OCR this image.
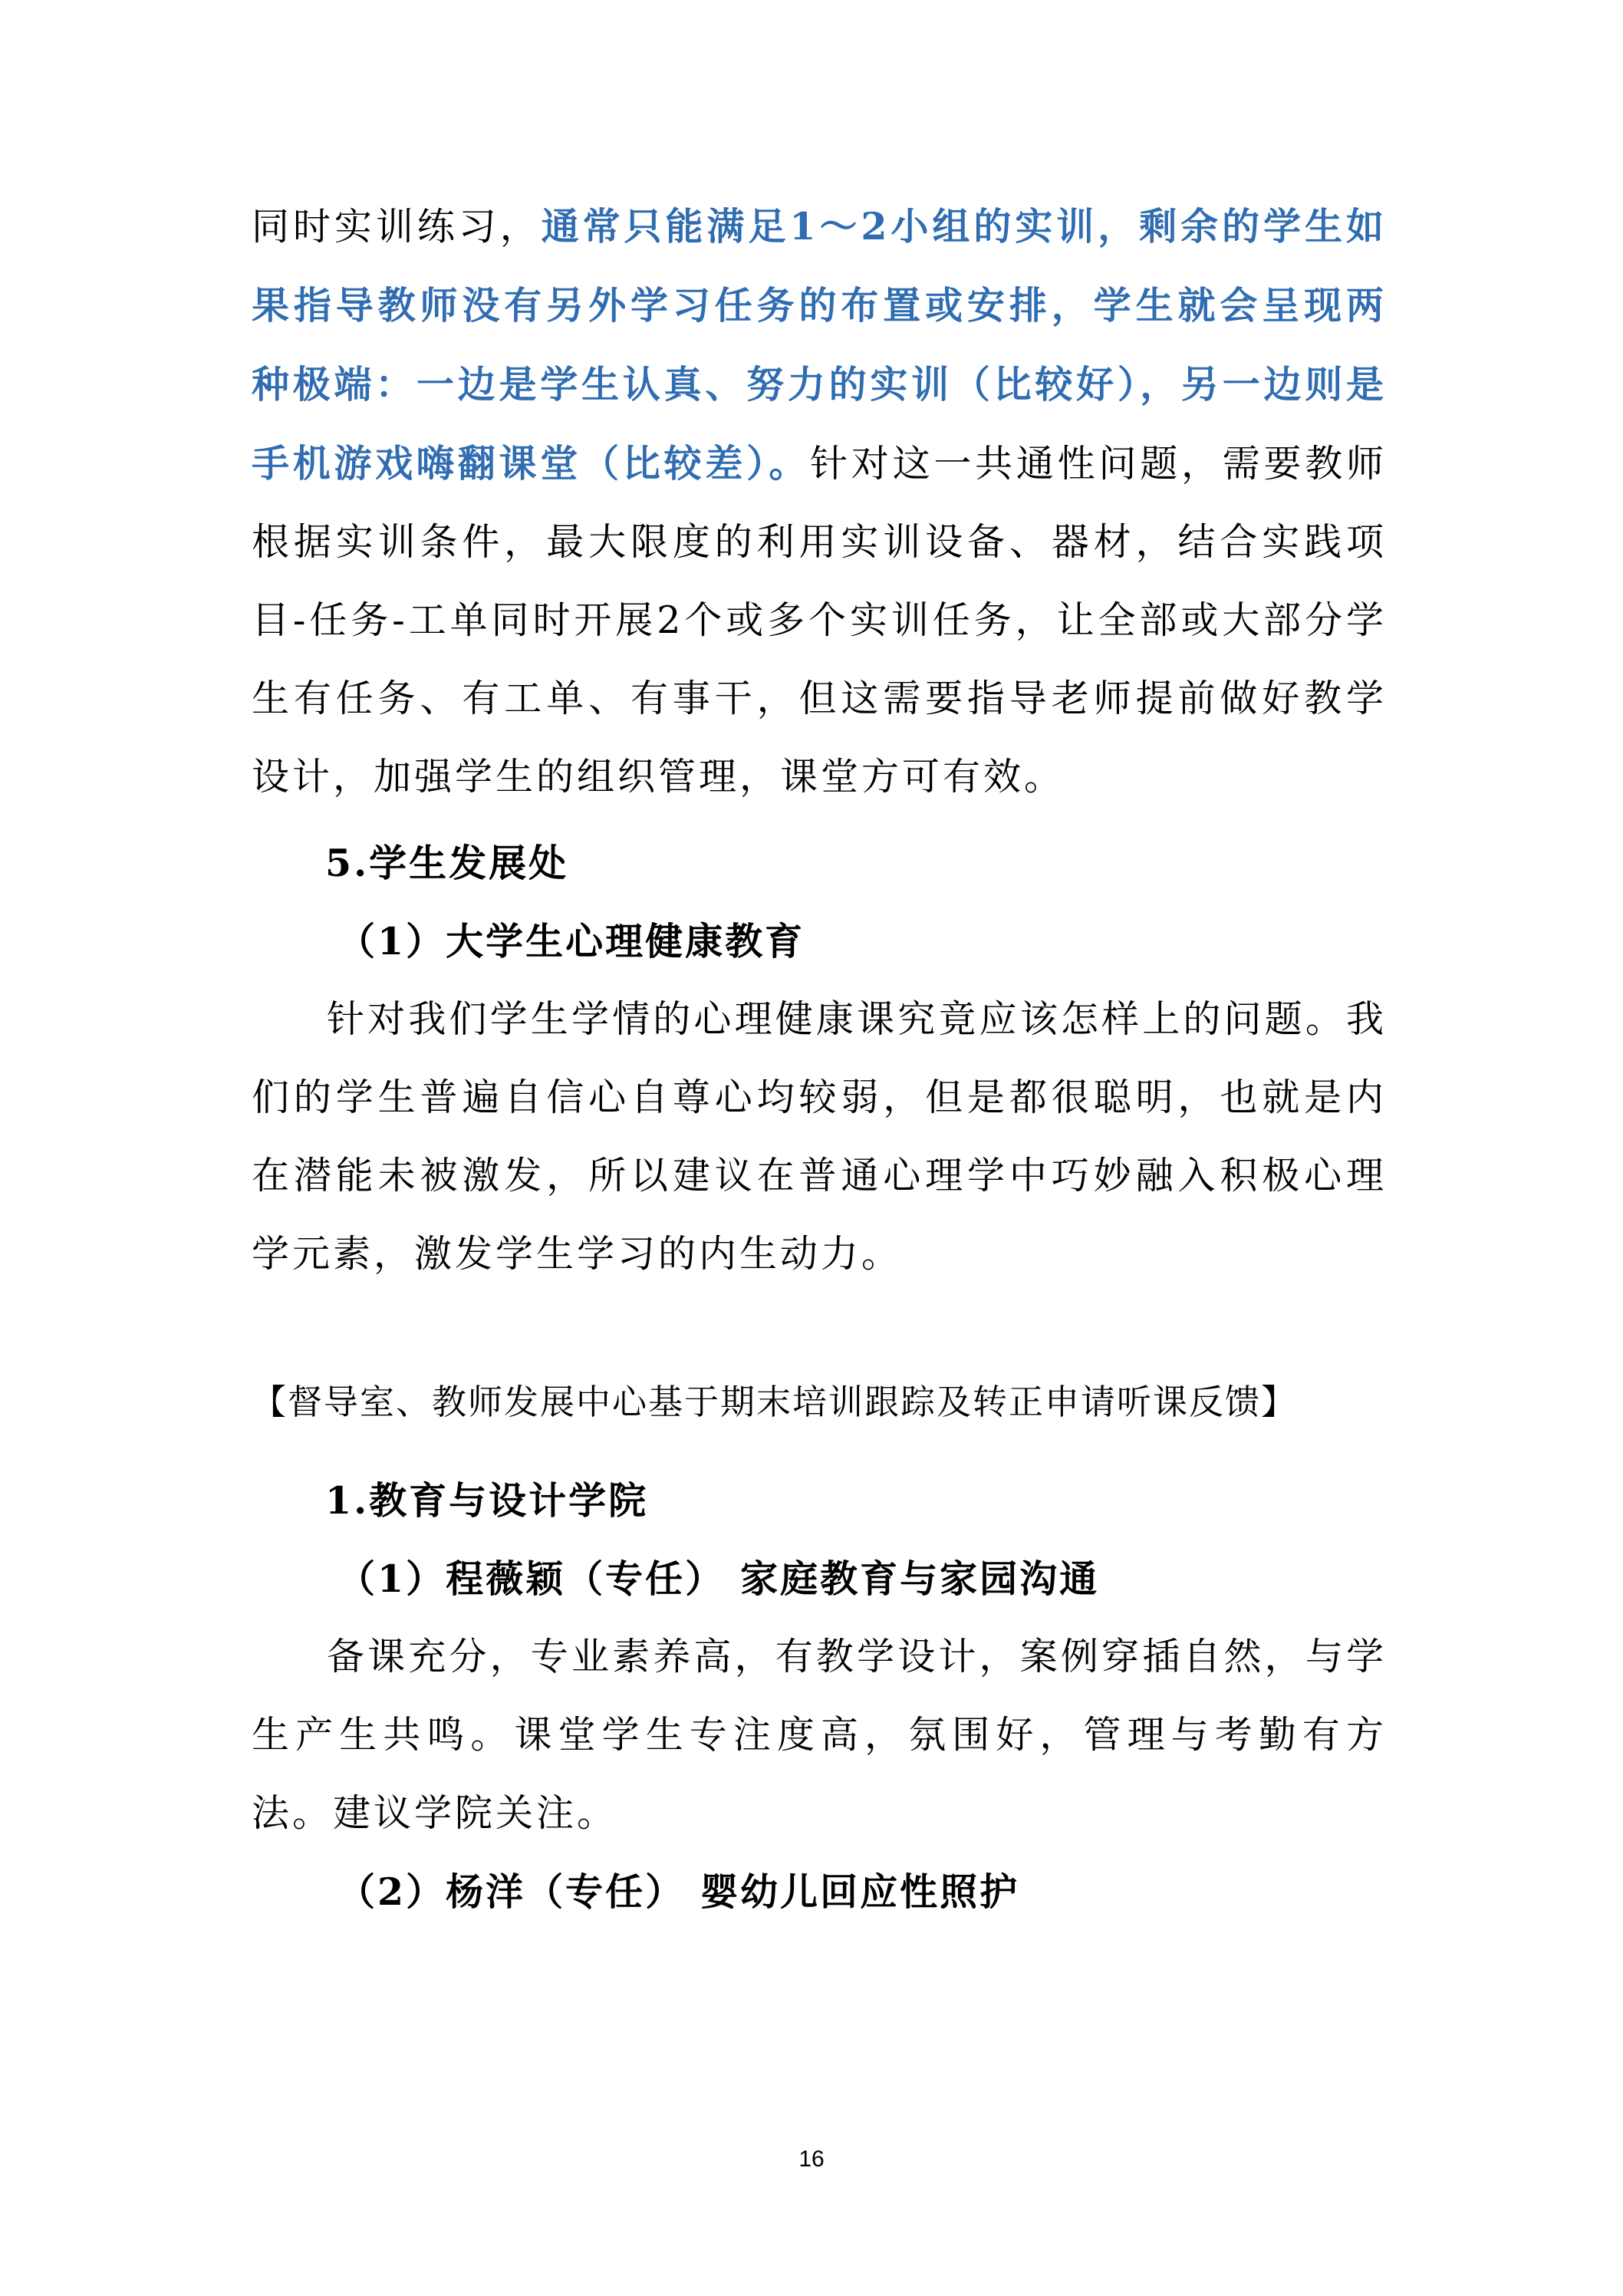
同时实训练习，通常只能满足1～2小组的实训，剩余的学生如果指导教师没有另外学习任务的布置或安排，学生就会呈现两种极端：一边是学生认真、努力的实训（比较好），另一边则是手机游戏嗨翻课堂（比较差）。针对这一共通性问题，需要教师根据实训条件，最大限度的利用实训设备、器材，结合实践项目-任务-工单同时开展2个或多个实训任务，让全部或大部分学生有任务、有工单、有事干，但这需要指导老师提前做好教学设计，加强学生的组织管理，课堂方可有效。
5.学生发展处
（1）大学生心理健康教育
针对我们学生学情的心理健康课究竟应该怎样上的问题。我们的学生普遍自信心自尊心均较弱，但是都很聪明，也就是内在潜能未被激发，所以建议在普通心理学中巧妙融入积极心理学元素，激发学生学习的内生动力。
【督导室、教师发展中心基于期末培训跟踪及转正申请听课反馈】
1.教育与设计学院
（1）程薇颖（专任） 家庭教育与家园沟通
备课充分，专业素养高，有教学设计，案例穿插自然，与学生产生共鸣。课堂学生专注度高，氛围好，管理与考勤有方法。建议学院关注。
（2）杨洋（专任） 婴幼儿回应性照护
16
